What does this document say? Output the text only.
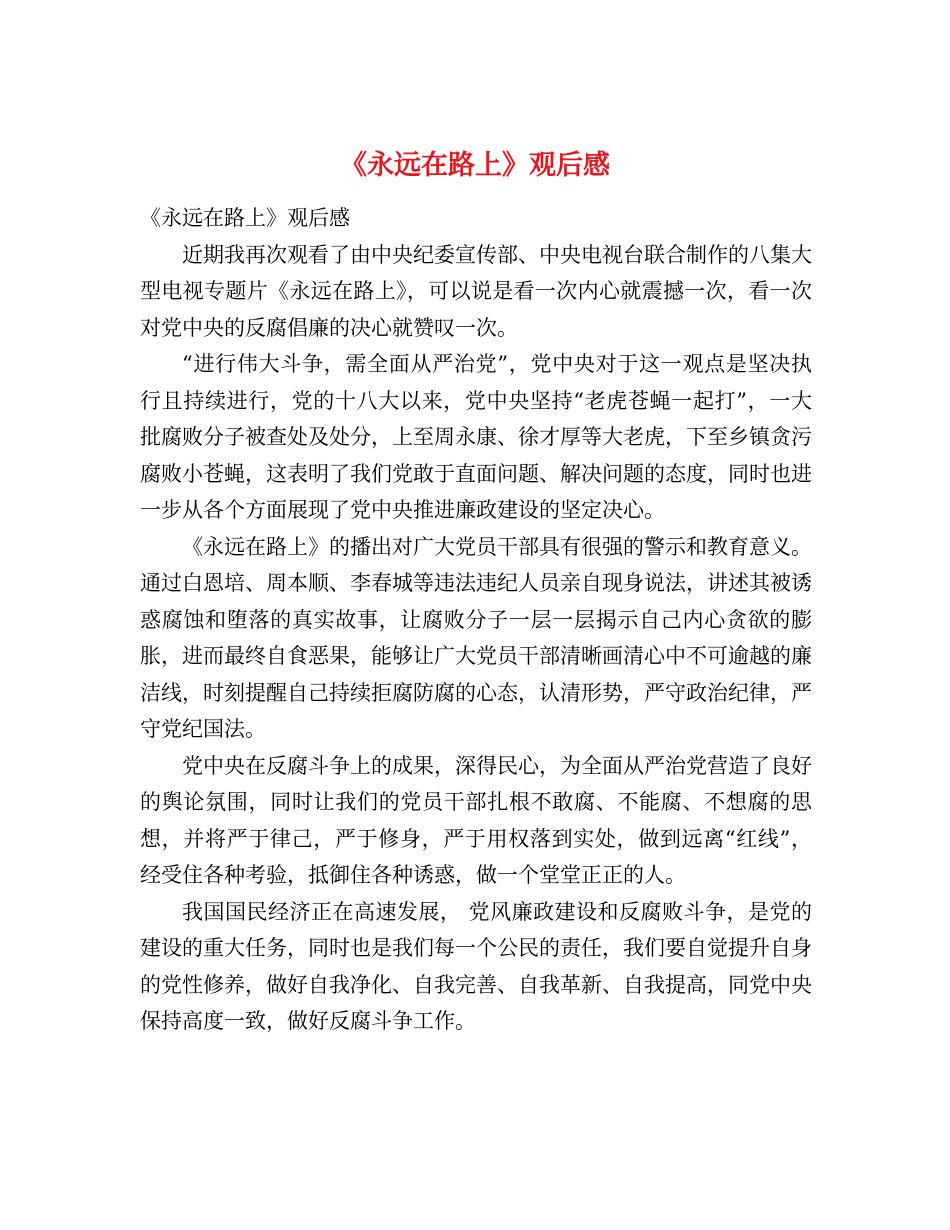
《永远在路上》观后感

《永远在路上》观后感

近期我再次观看了由中央纪委宣传部、中央电视台联合制作的八集大型电视专题片《永远在路上》，可以说是看一次内心就震撼一次，看一次对党中央的反腐倡廉的决心就赞叹一次。

“进行伟大斗争，需全面从严治党”，党中央对于这一观点是坚决执行且持续进行，党的十八大以来，党中央坚持“老虎苍蝇一起打”，一大批腐败分子被查处及处分，上至周永康、徐才厚等大老虎，下至乡镇贪污腐败小苍蝇，这表明了我们党敢于直面问题、解决问题的态度，同时也进一步从各个方面展现了党中央推进廉政建设的坚定决心。

《永远在路上》的播出对广大党员干部具有很强的警示和教育意义。通过白恩培、周本顺、李春城等违法违纪人员亲自现身说法，讲述其被诱惑腐蚀和堕落的真实故事，让腐败分子一层一层揭示自己内心贪欲的膨胀，进而最终自食恶果，能够让广大党员干部清晰画清心中不可逾越的廉洁线，时刻提醒自己持续拒腐防腐的心态，认清形势，严守政治纪律，严守党纪国法。

党中央在反腐斗争上的成果，深得民心，为全面从严治党营造了良好的舆论氛围，同时让我们的党员干部扎根不敢腐、不能腐、不想腐的思想，并将严于律己，严于修身，严于用权落到实处，做到远离“红线”，经受住各种考验，抵御住各种诱惑，做一个堂堂正正的人。

我国国民经济正在高速发展， 党风廉政建设和反腐败斗争，是党的建设的重大任务，同时也是我们每一个公民的责任，我们要自觉提升自身的党性修养，做好自我净化、自我完善、自我革新、自我提高，同党中央保持高度一致，做好反腐斗争工作。
